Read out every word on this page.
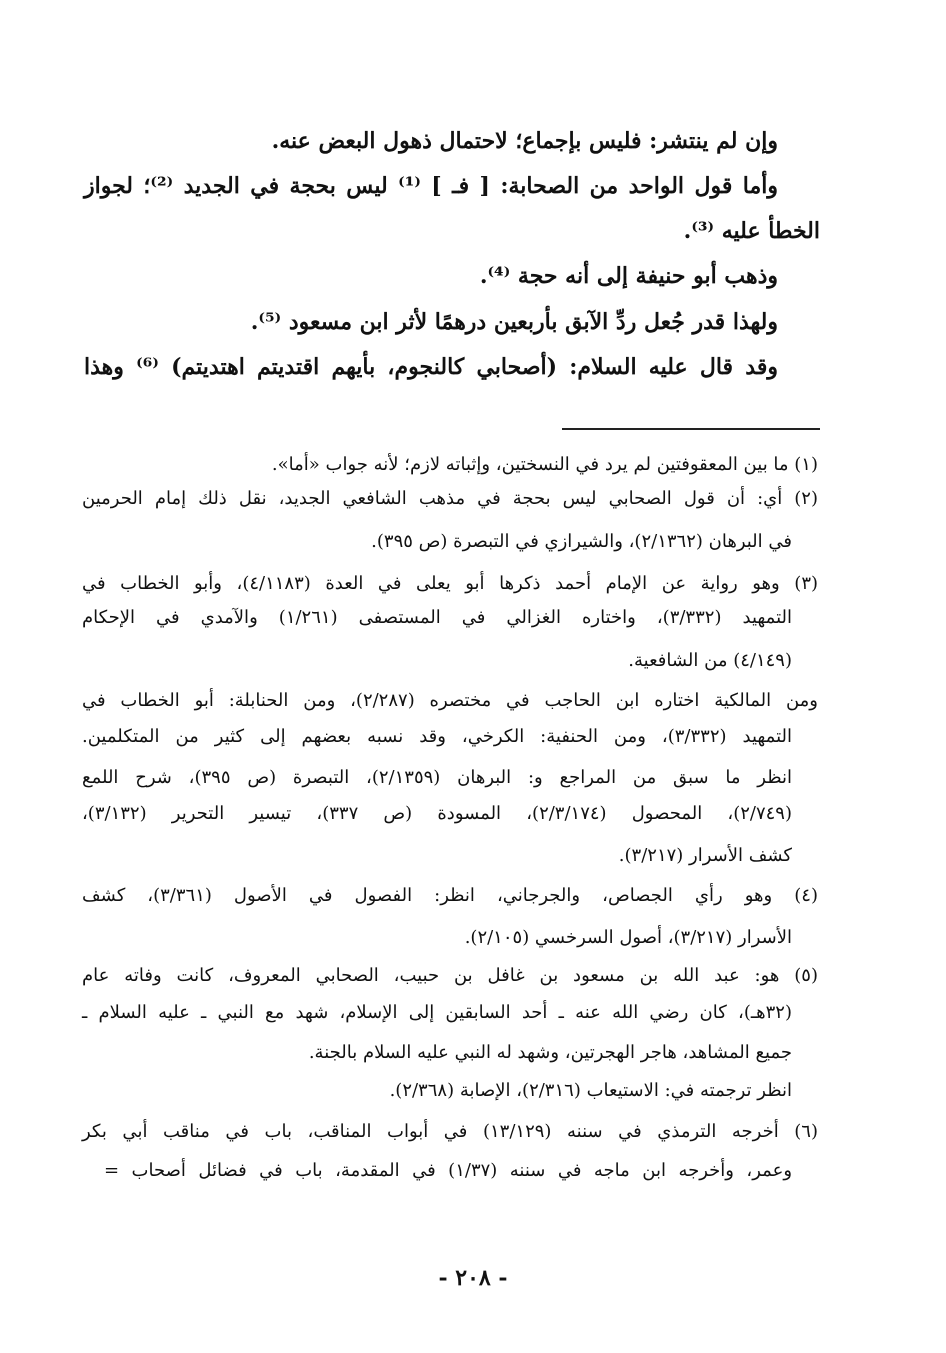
وإن لم ينتشر: فليس بإجماع؛ لاحتمال ذهول البعض عنه.
وأما قول الواحد من الصحابة: [ فـ ] ⁽¹⁾ ليس بحجة في الجديد ⁽²⁾؛ لجواز
الخطأ عليه ⁽³⁾.
وذهب أبو حنيفة إلى أنه حجة ⁽⁴⁾.
ولهذا قدر جُعل ردِّ الآبق بأربعين درهمًا لأثر ابن مسعود ⁽⁵⁾.
وقد قال عليه السلام: (أصحابي كالنجوم، بأيهم اقتديتم اهتديتم) ⁽⁶⁾ وهذا
(١) ما بين المعقوفتين لم يرد في النسختين، وإثباته لازم؛ لأنه جواب «أما».
(٢) أي: أن قول الصحابي ليس بحجة في مذهب الشافعي الجديد، نقل ذلك إمام الحرمين
في البرهان (٢/١٣٦٢)، والشيرازي في التبصرة (ص ٣٩٥).
(٣) وهو رواية عن الإمام أحمد ذكرها أبو يعلى في العدة (٤/١١٨٣)، وأبو الخطاب في
التمهيد (٣/٣٣٢)، واختاره الغزالي في المستصفى (١/٢٦١) والآمدي في الإحكام
(٤/١٤٩) من الشافعية.
ومن المالكية اختاره ابن الحاجب في مختصره (٢/٢٨٧)، ومن الحنابلة: أبو الخطاب في
التمهيد (٣/٣٣٢)، ومن الحنفية: الكرخي، وقد نسبه بعضهم إلى كثير من المتكلمين.
انظر ما سبق من المراجع و: البرهان (٢/١٣٥٩)، التبصرة (ص ٣٩٥)، شرح اللمع
(٢/٧٤٩)، المحصول (٢/٣/١٧٤)، المسودة (ص ٣٣٧)، تيسير التحرير (٣/١٣٢)،
كشف الأسرار (٣/٢١٧).
(٤) وهو رأي الجصاص، والجرجاني، انظر: الفصول في الأصول (٣/٣٦١)، كشف
الأسرار (٣/٢١٧)، أصول السرخسي (٢/١٠٥).
(٥) هو: عبد الله بن مسعود بن غافل بن حبيب، الصحابي المعروف، كانت وفاته عام
(٣٢هـ)، كان رضي الله عنه ـ أحد السابقين إلى الإسلام، شهد مع النبي ـ عليه السلام ـ
جميع المشاهد، هاجر الهجرتين، وشهد له النبي عليه السلام بالجنة.
انظر ترجمته في: الاستيعاب (٢/٣١٦)، الإصابة (٢/٣٦٨).
(٦) أخرجه الترمذي في سننه (١٣/١٢٩) في أبواب المناقب، باب في مناقب أبي بكر
وعمر، وأخرجه ابن ماجه في سننه (١/٣٧) في المقدمة، باب في فضائل أصحاب =
- ٢٠٨ -
